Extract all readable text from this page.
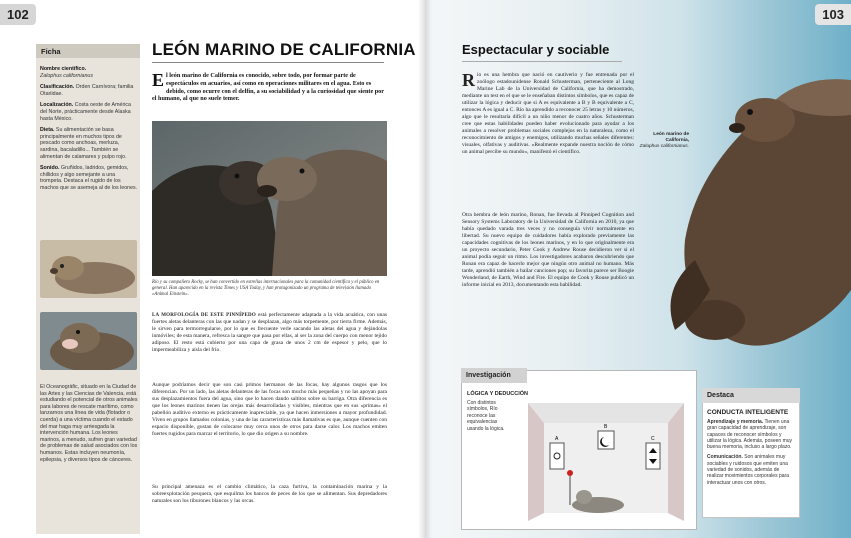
102
Ficha

Nombre científico.
Zalophus californianus

Clasificación. Orden Carnívora; familia Otariidae.

Localización. Costa oeste de América del Norte, prácticamente desde Alaska hasta México.

Dieta. Su alimentación se basa principalmente en muchos tipos de pescado como anchoas, merluza, sardina, bacaladillo... También se alimentan de calamares y pulpo rojo.

Sonido. Gruñidos, ladridos, gemidos, chillidos y algo semejante a una trompeta. Destaca el rugido de los machos que se asemeja al de los leones.

El Oceanogràfic, situado en la Ciudad de las Artes y las Ciencias de Valencia, está estudiando el potencial de otros animales para labores de rescate marítimo, como lanzarnos una línea de vida (flotador o cuerda) a una víctima cuando el estado del mar haga muy arriesgada la intervención humana. Los leones marinos, a menudo, sufren gran variedad de problemas de salud asociados con los humanos. Estas incluyen neumonía, epilepsia, y diversos tipos de cánceres.
LEÓN MARINO DE CALIFORNIA
El león marino de California es conocido, sobre todo, por formar parte de espectáculos en acuarios, así como en operaciones militares en el agua. Esto es debido, como ocurre con el delfín, a su sociabilidad y a la curiosidad que siente por el humano, al que no suele temer.
Río y su compañero Rocky, se han convertido en estrellas internacionales para la comunidad científica y el público en general. Han aparecido en la revista Times y USA Today, y han protagonizado un programa de televisión llamado «Animal Einstein».
LA MORFOLOGÍA DE ESTE PINNÍPEDO está perfectamente adaptada a la vida acuática, con unas fuertes aletas delanteras con las que nadan y se desplazan, algo más torpemente, por tierra firme. Además, le sirven para termorregularse, por lo que es frecuente verle sacando las aletas del agua y dejándolas inmóviles; de esta manera, refresca la sangre que pasa por ellas, al ser la zona del cuerpo con menor tejido adiposo. El resto está cubierto por una capa de grasa de unos 2 cm de espesor y pelo, que lo impermeabiliza y aísla del frío.
Aunque podríamos decir que son casi primos hermanos de las focas, hay algunos rasgos que los diferencian. Por un lado, las aletas delanteras de las focas son mucho más pequeñas y no las apoyan para sus desplazamientos fuera del agua, sino que lo hacen dando saltitos sobre su barriga. Otra diferencia es que los leones marinos tienen las orejas más desarrolladas y visibles, mientras que en sus «primas» el pabellón auditivo externo es prácticamente inapreciable, ya que hacen inmersiones a mayor profundidad. Viven en grupos llamados colonias, y una de las características más llamativas es que, aunque cuenten con espacio disponible, gustan de colocarse muy cerca unos de otros para darse calor. Los machos emiten fuertes rugidos para marcar el territorio, lo que dio origen a su nombre.
Su principal amenaza es el cambio climático, la caza furtiva, la contaminación marina y la sobreexplotación pesquera, que esquilma los bancos de peces de los que se alimentan. Sus depredadores naturales son los tiburones blancos y las orcas.
103
Espectacular y sociable
Río es una hembra que nació en cautiverio y fue entrenada por el zoólogo estadounidense Ronald Schusterman, perteneciente al Long Marine Lab de la Universidad de California, que ha demostrado, mediante un test en el que se le enseñaban distintos símbolos, que es capaz de utilizar la lógica y deducir que si A es equivalente a B y B equivalente a C, entonces A es igual a C. Río ha aprendido a reconocer 25 letras y 10 números, algo que le resultaría difícil a un niño menor de cuatro años. Schusterman cree que estas habilidades pueden haber evolucionado para ayudar a los animales a resolver problemas sociales complejos en la naturaleza, como el reconocimiento de amigos y enemigos, utilizando muchas señales diferentes: visuales, olfativas y auditivas. «Realmente expande nuestra noción de cómo un animal percibe su mundo», manifestó el científico.
Otra hembra de león marino, Ronan, fue llevada al Pinniped Cognition and Sensory Systems Laboratory de la Universidad de California en 2010, ya que había quedado varada tres veces y no conseguía vivir normalmente en libertad. Su nuevo equipo de cuidadores había explorado previamente las capacidades cognitivas de los leones marinos, y en lo que originalmente era un proyecto secundario, Peter Cook y Andrew Rouse decidieron ver si el animal podía seguir un ritmo. Los investigadores acabaron descubriendo que Ronan era capaz de hacerlo mejor que ningún otro animal no humano. Más tarde, aprendió también a bailar canciones pop; su favorita parece ser Boogie Wonderland, de Earth, Wind and Fire. El equipo de Cook y Rouse publicó un informe inicial en 2013, documentando esta habilidad.
León marino de California,
Zalophus californianus.
A
B
C
Investigación
LÓGICA Y DEDUCCIÓN
Con distintos símbolos, Río reconoce las equivalencias usando la lógica.
Destaca
CONDUCTA INTELIGENTE

Aprendizaje y memoria. Tienen una gran capacidad de aprendizaje, son capaces de reconocer símbolos y utilizar la lógica. Además, poseen muy buena memoria, incluso a largo plazo.

Comunicación. Son animales muy sociables y ruidosos que emiten una variedad de sonidos, además de realizar movimientos corporales para interactuar unos con otros.
